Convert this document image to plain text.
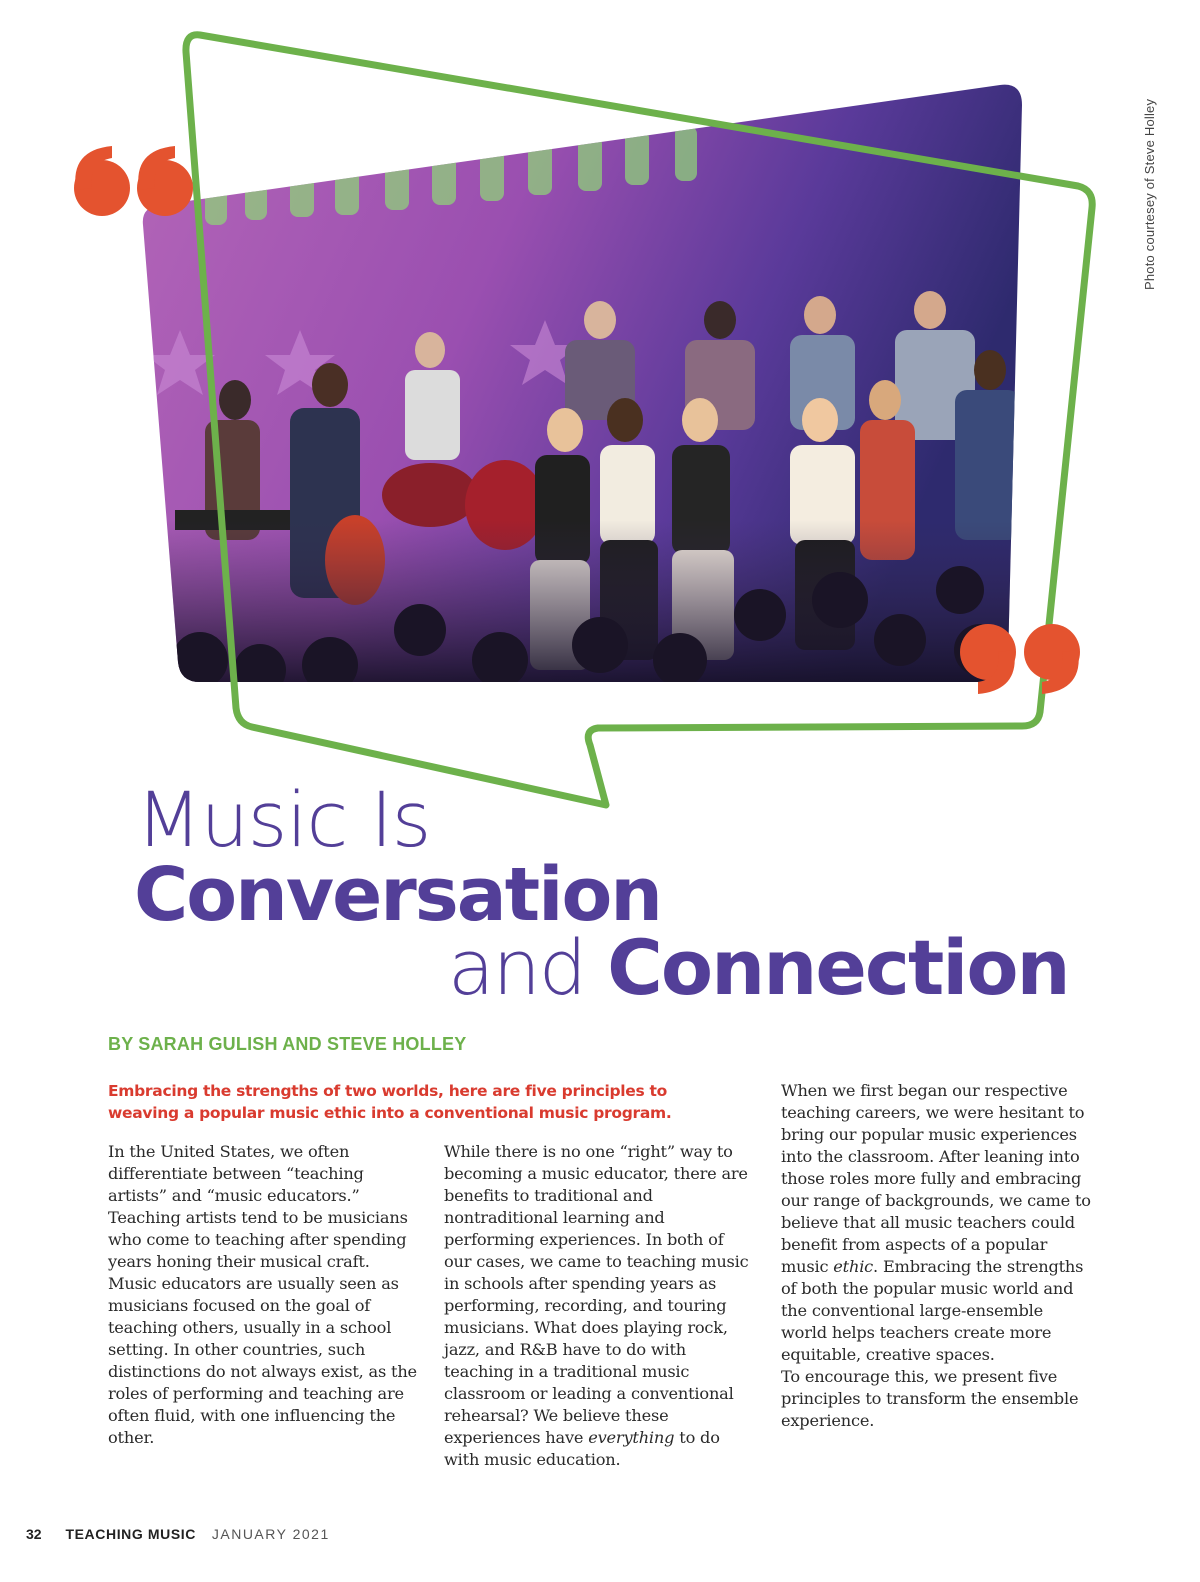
Photo courtesey of Steve Holley
Music Is
Conversation
and Connection
BY SARAH GULISH AND STEVE HOLLEY
Embracing the strengths of two worlds, here are five principles to weaving a popular music ethic into a conventional music program.

In the United States, we often differentiate between “teaching artists” and “music educators.” Teaching artists tend to be musicians who come to teaching after spending years honing their musical craft. Music educators are usually seen as musicians focused on the goal of teaching others, usually in a school setting. In other countries, such distinctions do not always exist, as the roles of performing and teaching are often fluid, with one influencing the other.

While there is no one “right” way to becoming a music educator, there are benefits to traditional and nontraditional learning and performing experiences. In both of our cases, we came to teaching music in schools after spending years as performing, recording, and touring musicians. What does playing rock, jazz, and R&B have to do with teaching in a traditional music classroom or leading a conventional rehearsal? We believe these experiences have everything to do with music education.

When we first began our respective teaching careers, we were hesitant to bring our popular music experiences into the classroom. After leaning into those roles more fully and embracing our range of backgrounds, we came to believe that all music teachers could benefit from aspects of a popular music ethic. Embracing the strengths of both the popular music world and the conventional large-ensemble world helps teachers create more equitable, creative spaces.

To encourage this, we present five principles to transform the ensemble experience.

32 TEACHING MUSIC JANUARY 2021
